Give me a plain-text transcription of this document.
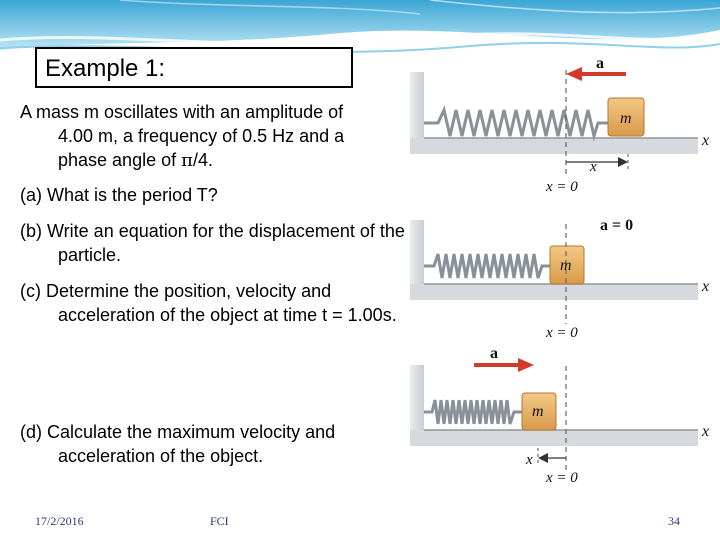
Example 1:
A mass m oscillates with an amplitude of
4.00 m, a frequency of 0.5 Hz and a
phase angle of π/4.
(a) What is the period T?
(b) Write an equation for the displacement of the particle.
(c) Determine the position, velocity and acceleration of the object at time t = 1.00s.
(d) Calculate the maximum velocity and acceleration of the object.
a
m
x
x
x = 0
a = 0
m
x
x = 0
a
m
x
x
x = 0
17/2/2016	FCI	34
